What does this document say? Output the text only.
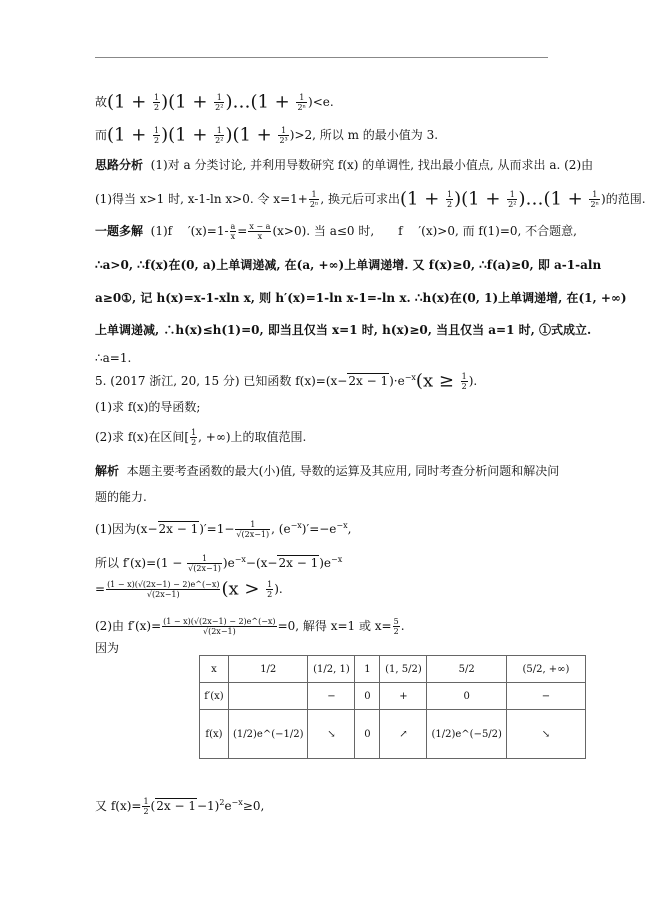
故$(1 + \frac{1}{2} )(1 + \frac{1}{\text{2²}}$ )…(1 + $\frac{1}{\text{2ⁿ}} )<e$.
而$(1 + \frac{1}{2} )(1 + \frac{1}{\text{2²}} )(1 + \frac{1}{\text{2³}} )>2$, 所以 m 的最小值为 3.
思路分析 (1)对 a 分类讨论, 并利用导数研究 f(x) 的单调性, 找出最小值点, 从而求出 a. (2)由
(1)得当 x>1 时, x-1-ln x>0. 令 $x=1+ \frac{1}{\text{2ⁿ}}$ , 换元后可求出$(1 + \frac{1}{2} )(1 + \frac{1}{\text{2²}}$ )…(1 + $\frac{1}{\text{2ⁿ}}$ )的范围.
一题多解 (1)f　 $'(x)=1- \frac{a}{x} = \frac{x - a}{x} (x>0)$. 当 a≤0 时,　　f　 ′(x)>0, 而 f(1)=0, 不合题意,
∴a>0, ∴f(x)在(0, a)上单调递减, 在(a, +∞)上单调递增. 又 f(x)≥0, ∴f(a)≥0, 即 a-1-aln
a≥0①, 记 h(x)=x-1-xln x, 则 h′(x)=1-ln x-1=-ln x. ∴h(x)在(0, 1)上单调递增, 在(1, +∞)
上单调递减, ∴h(x)≤h(1)=0, 即当且仅当 x=1 时, h(x)≥0, 当且仅当 a=1 时, ①式成立.
∴a=1.
5. (2017 浙江, 20, 15 分) 已知函数 $f(x)=(x-2x - 1)\cdot e^{-x}(x \ge \frac{1}{2}$ ).
(1)求 f(x)的导函数;
(2)求 f(x)在区间[ $\frac{1}{2}$ , +∞)上的取值范围.
解析 本题主要考查函数的最大(小)值, 导数的运算及其应用, 同时考查分析问题和解决问
题的能力.
(1)因为$(x-2x - 1)'=1- \frac{1}{√(2x-1)}$ , $(e^{-x})'=-e^{-x}$,
所以 $f'(x)=(1 - \frac{1}{√(2x-1)} )e^{-x}-(x-2x - 1)e^{-x}$
= $\frac{(1 - x)(√(2x-1) - 2)e\^{}(-x)}{√(2x-1)} (x > \frac{1}{2}$ ).
(2)由 $f'(x)= \frac{(1 - x)(√(2x-1) - 2)e\^{}(-x)}{√(2x-1)} =0$, 解得 x=1 或 $x= \frac{5}{2}$ .
因为
x	1/2	(1/2, 1)	1	(1, 5/2)	5/2	(5/2, +∞)
f′(x)		−	0	+	0	−
f(x)	(1/2)e^(−1/2)	↘	0	↗	(1/2)e^(−5/2)	↘
又 $f(x)= \frac{1}{2} (2x - 1-1)^2e^{-x}\ge 0$,
